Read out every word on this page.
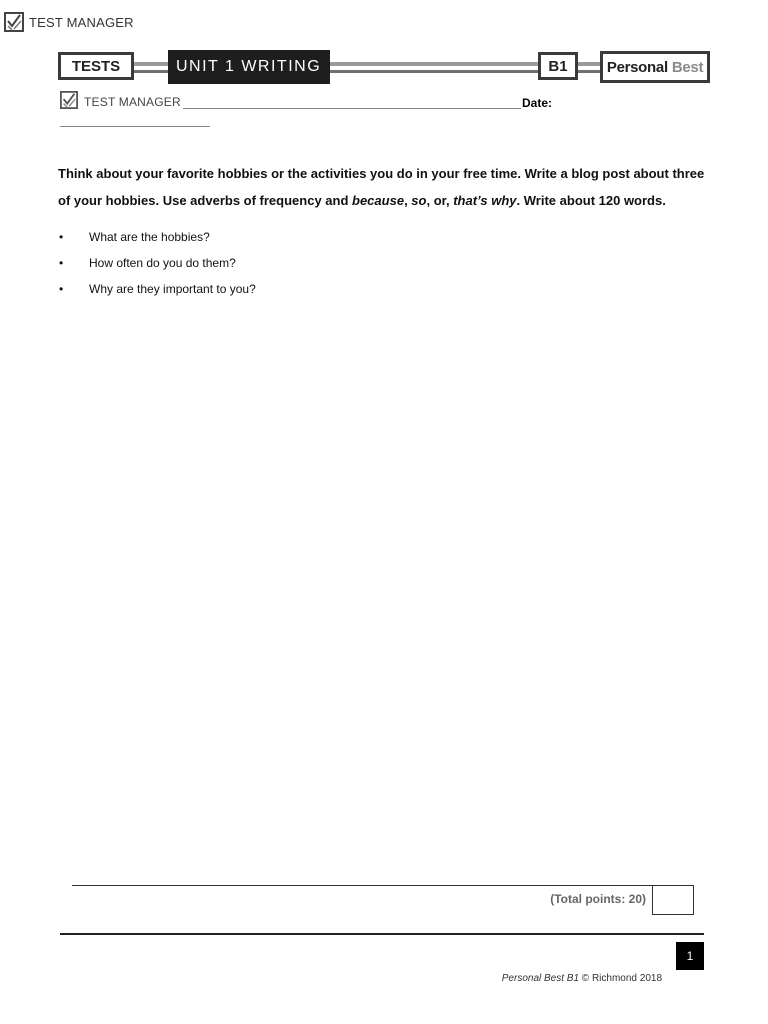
TEST MANAGER
TESTS	UNIT 1 WRITING	B1	Personal Best
TEST MANAGER	Date:
Think about your favorite hobbies or the activities you do in your free time. Write a blog post about three of your hobbies. Use adverbs of frequency and because, so, or, that’s why. Write about 120 words.
•	What are the hobbies?
•	How often do you do them?
•	Why are they important to you?
(Total points: 20)
1
Personal Best B1 © Richmond 2018
